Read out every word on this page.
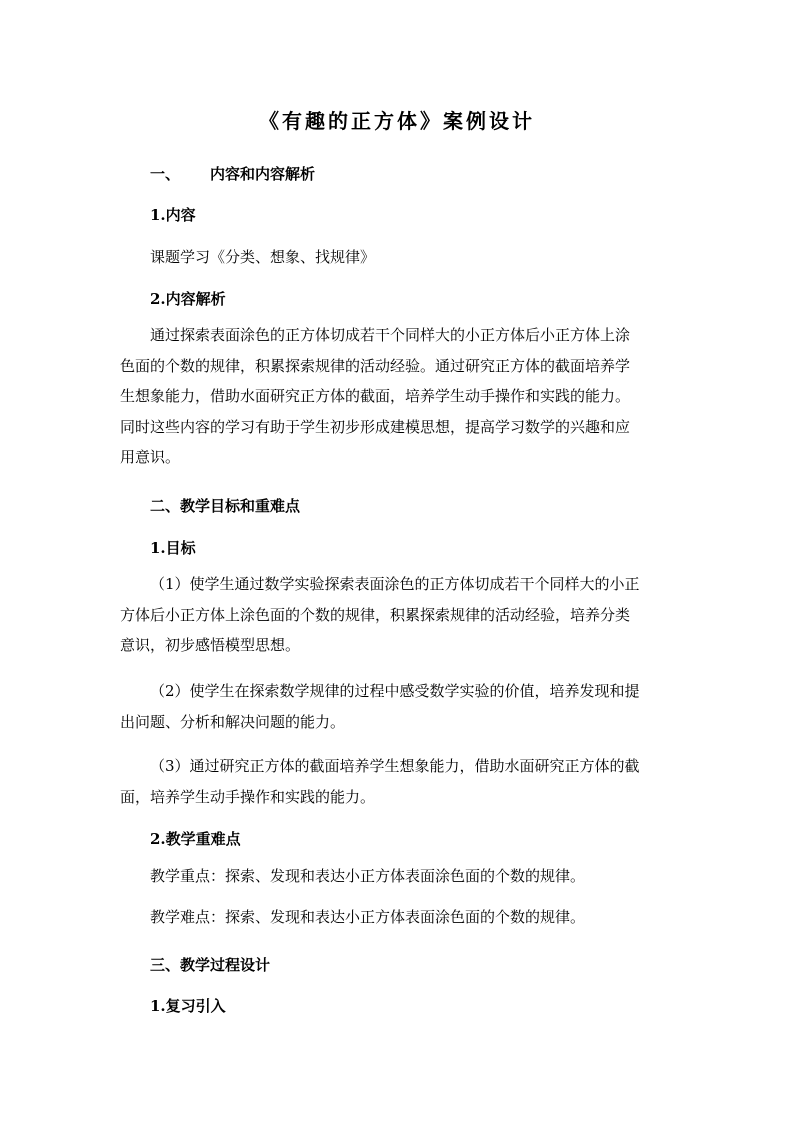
《有趣的正方体》案例设计
一、 内容和内容解析
1.内容
课题学习《分类、想象、找规律》
2.内容解析
通过探索表面涂色的正方体切成若干个同样大的小正方体后小正方体上涂
色面的个数的规律，积累探索规律的活动经验。通过研究正方体的截面培养学
生想象能力，借助水面研究正方体的截面，培养学生动手操作和实践的能力。
同时这些内容的学习有助于学生初步形成建模思想，提高学习数学的兴趣和应
用意识。
二、教学目标和重难点
1.目标
（1）使学生通过数学实验探索表面涂色的正方体切成若干个同样大的小正
方体后小正方体上涂色面的个数的规律，积累探索规律的活动经验，培养分类
意识，初步感悟模型思想。
（2）使学生在探索数学规律的过程中感受数学实验的价值，培养发现和提
出问题、分析和解决问题的能力。
（3）通过研究正方体的截面培养学生想象能力，借助水面研究正方体的截
面，培养学生动手操作和实践的能力。
2.教学重难点
教学重点：探索、发现和表达小正方体表面涂色面的个数的规律。
教学难点：探索、发现和表达小正方体表面涂色面的个数的规律。
三、教学过程设计
1.复习引入
